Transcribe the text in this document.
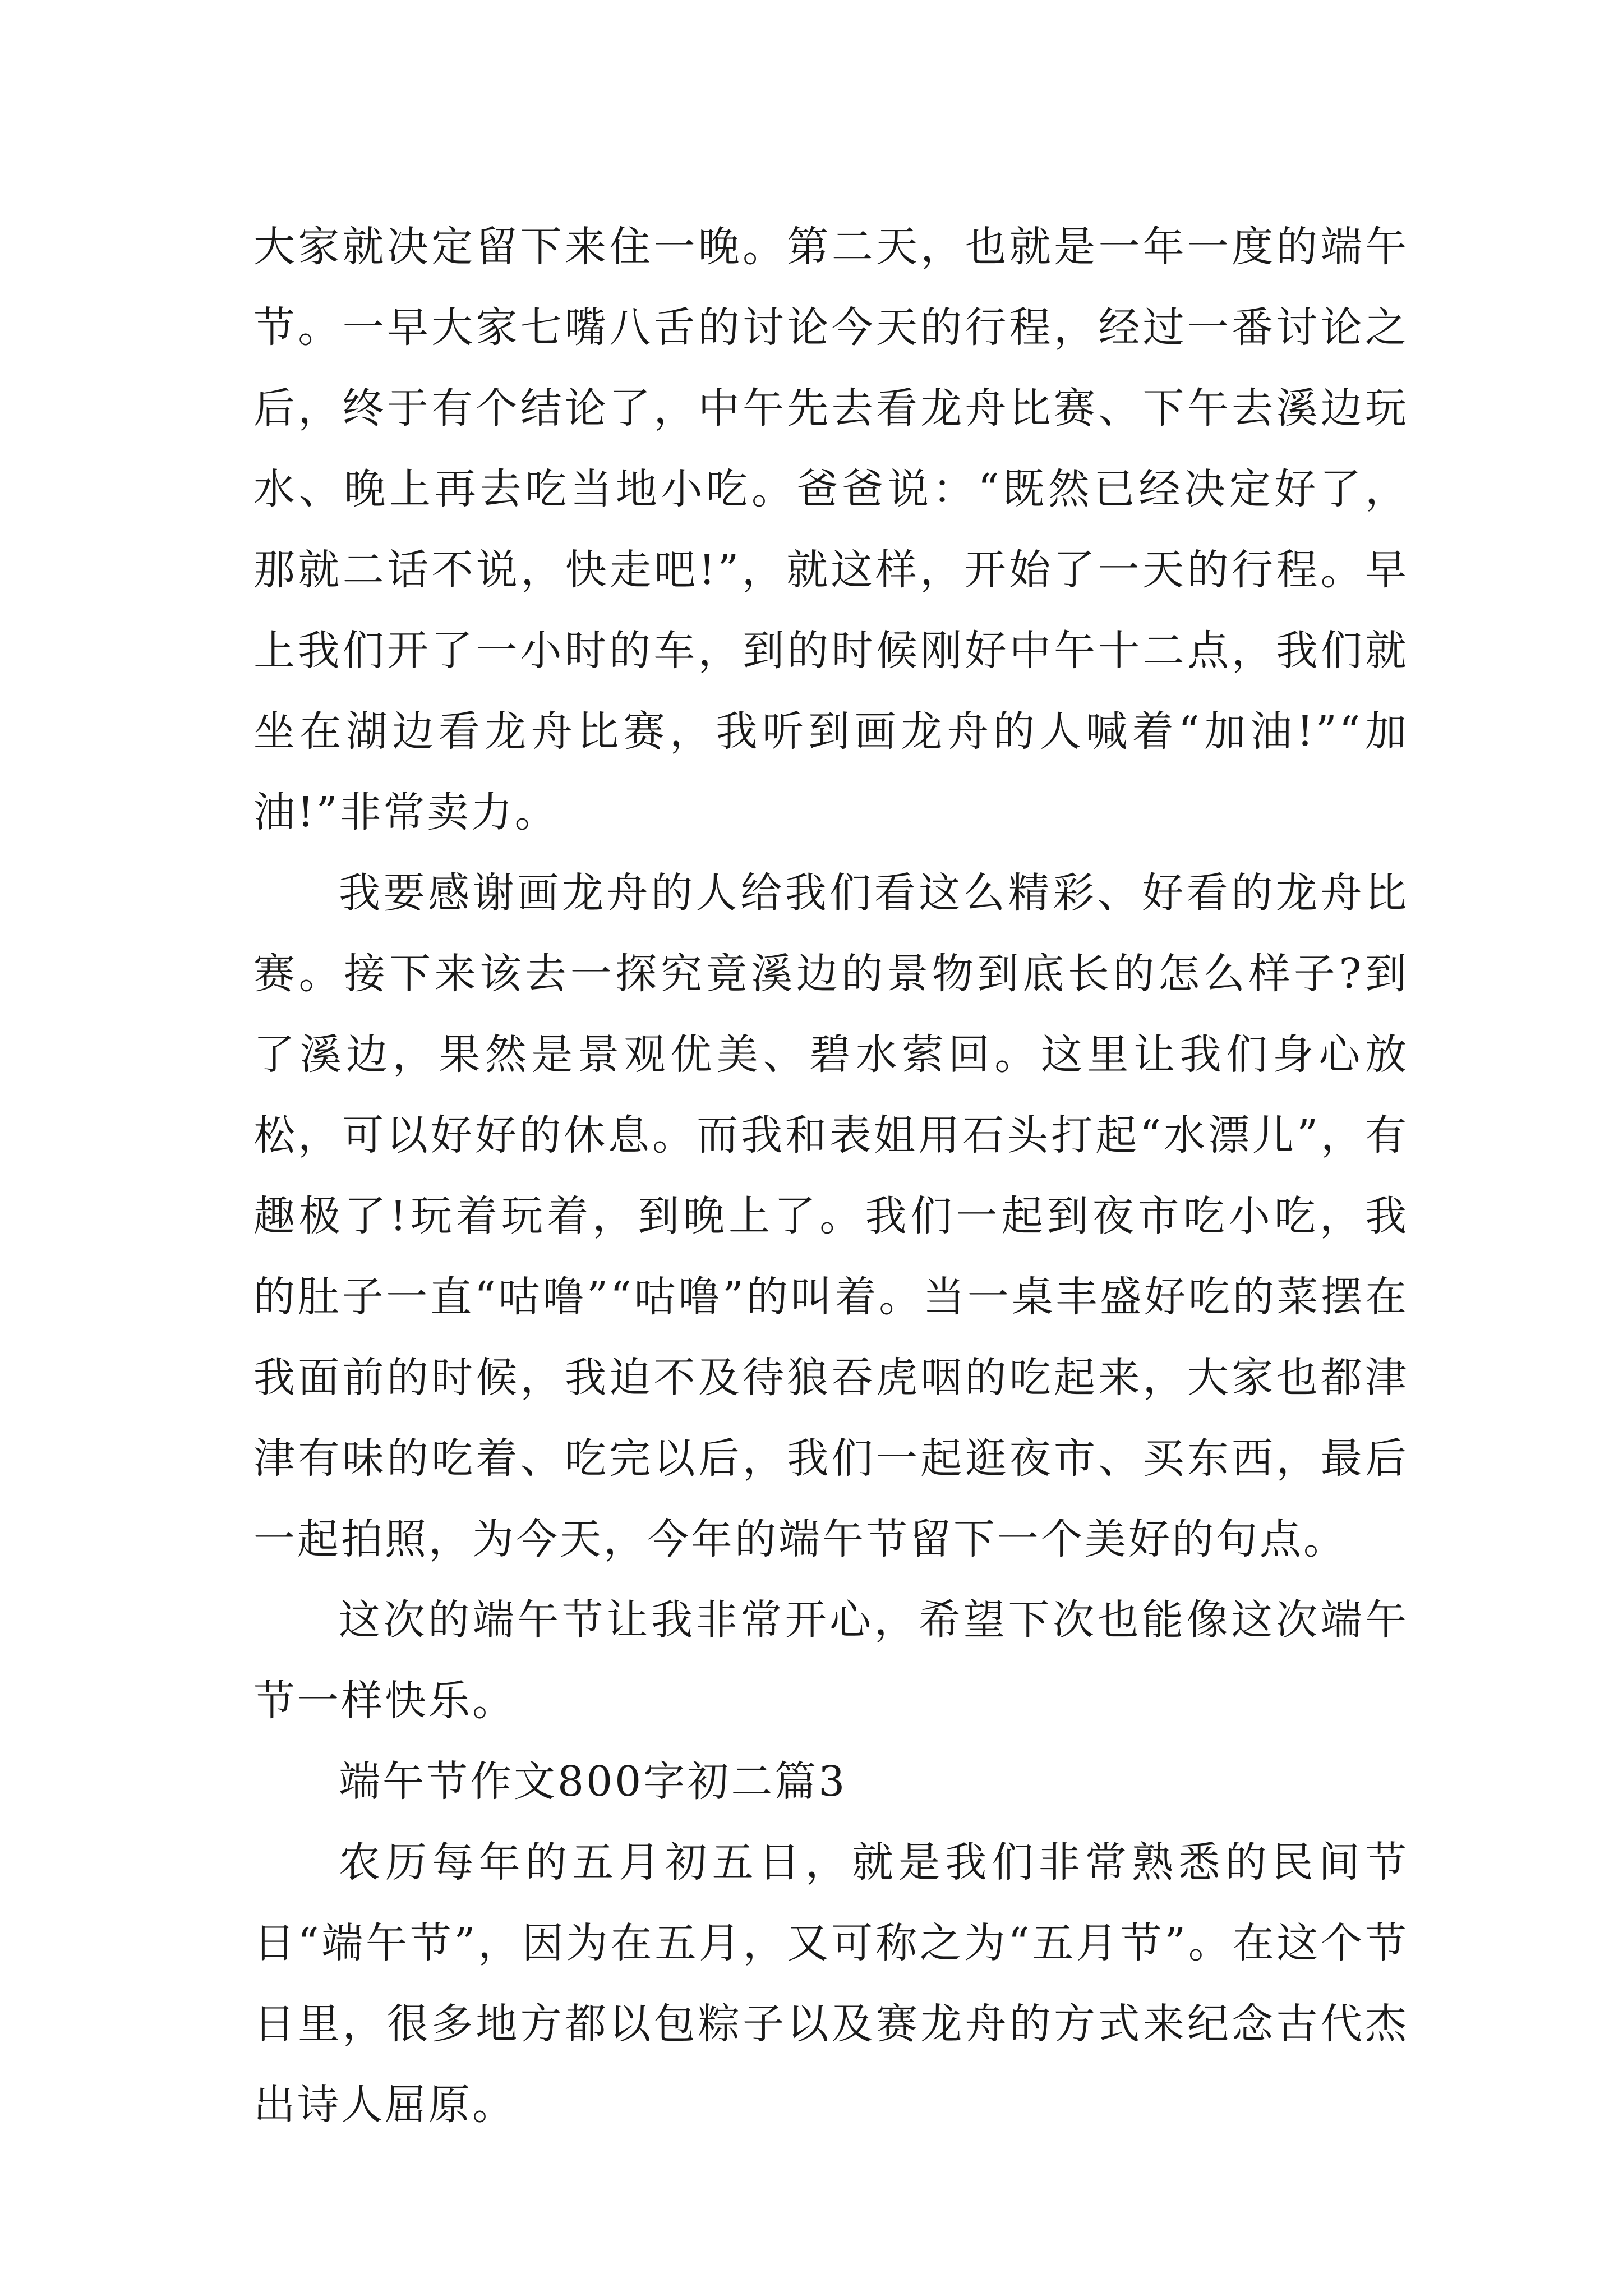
大家就决定留下来住一晚。第二天，也就是一年一度的端午节。一早大家七嘴八舌的讨论今天的行程，经过一番讨论之后，终于有个结论了，中午先去看龙舟比赛、下午去溪边玩水、晚上再去吃当地小吃。爸爸说：“既然已经决定好了，那就二话不说，快走吧!”，就这样，开始了一天的行程。早上我们开了一小时的车，到的时候刚好中午十二点，我们就坐在湖边看龙舟比赛，我听到画龙舟的人喊着“加油!”“加油!”非常卖力。

我要感谢画龙舟的人给我们看这么精彩、好看的龙舟比赛。接下来该去一探究竟溪边的景物到底长的怎么样子?到了溪边，果然是景观优美、碧水萦回。这里让我们身心放松，可以好好的休息。而我和表姐用石头打起“水漂儿”，有趣极了!玩着玩着，到晚上了。我们一起到夜市吃小吃，我的肚子一直“咕噜”“咕噜”的叫着。当一桌丰盛好吃的菜摆在我面前的时候，我迫不及待狼吞虎咽的吃起来，大家也都津津有味的吃着、吃完以后，我们一起逛夜市、买东西，最后一起拍照，为今天，今年的端午节留下一个美好的句点。

这次的端午节让我非常开心，希望下次也能像这次端午节一样快乐。

端午节作文800字初二篇3

农历每年的五月初五日，就是我们非常熟悉的民间节日“端午节”，因为在五月，又可称之为“五月节”。在这个节日里，很多地方都以包粽子以及赛龙舟的方式来纪念古代杰出诗人屈原。
